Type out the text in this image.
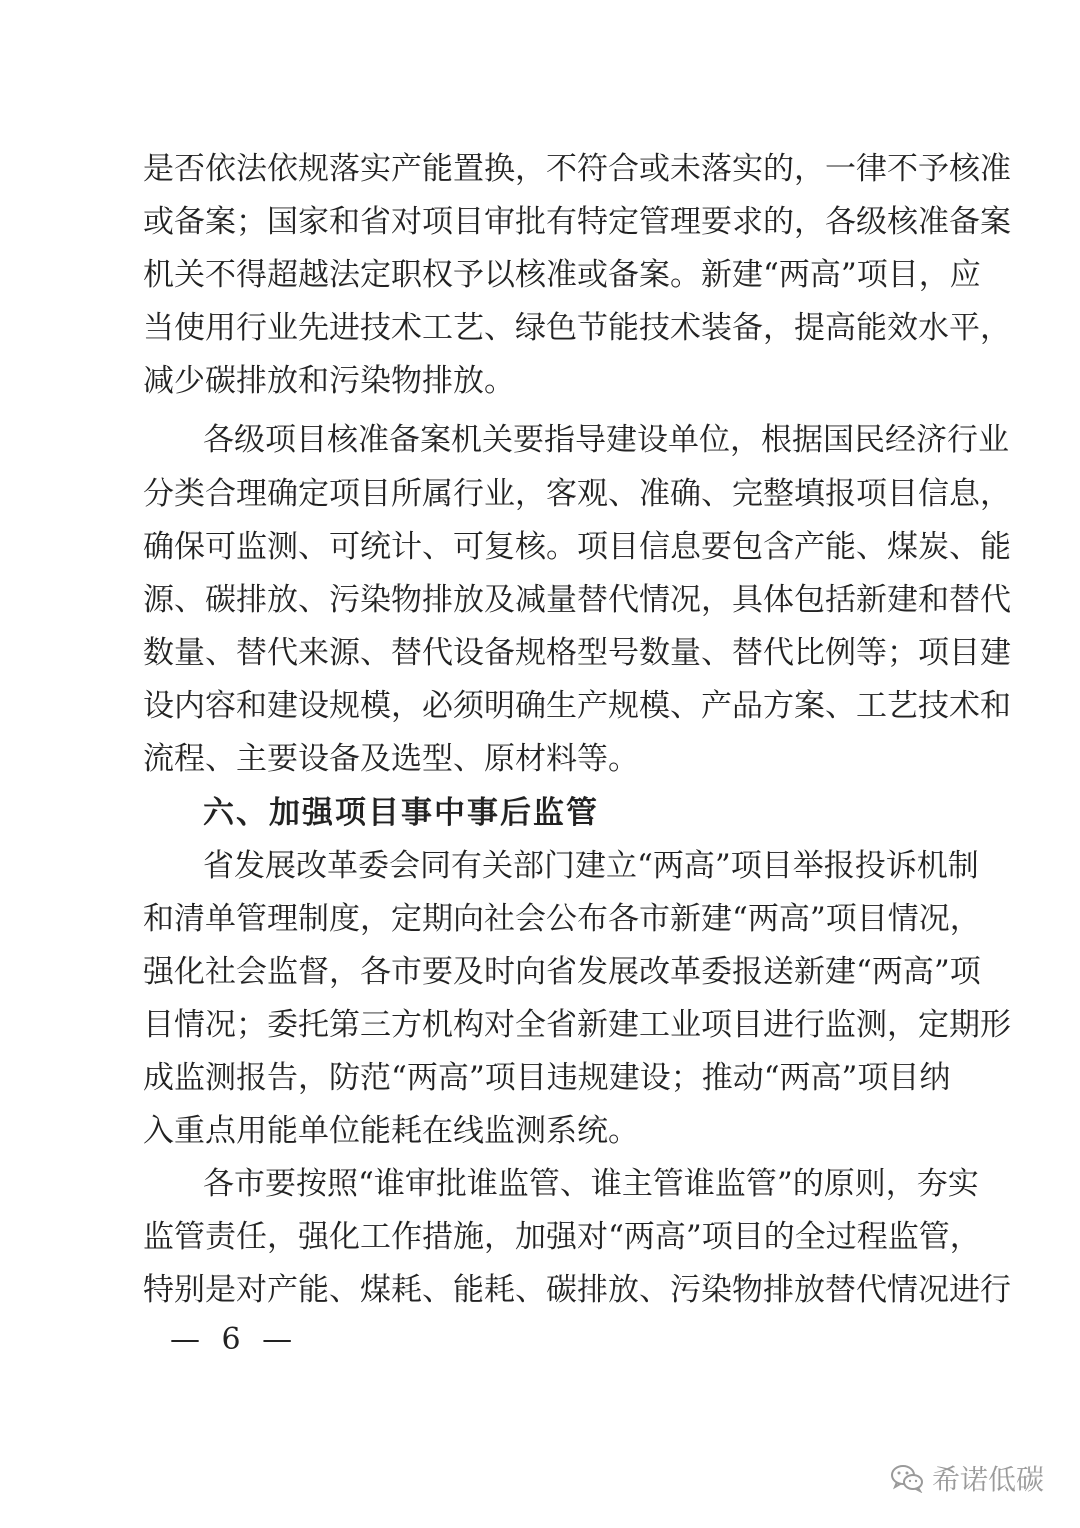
是否依法依规落实产能置换，不符合或未落实的，一律不予核准
或备案；国家和省对项目审批有特定管理要求的，各级核准备案
机关不得超越法定职权予以核准或备案。新建“两高”项目，应
当使用行业先进技术工艺、绿色节能技术装备，提高能效水平，
减少碳排放和污染物排放。
各级项目核准备案机关要指导建设单位，根据国民经济行业
分类合理确定项目所属行业，客观、准确、完整填报项目信息，
确保可监测、可统计、可复核。项目信息要包含产能、煤炭、能
源、碳排放、污染物排放及减量替代情况，具体包括新建和替代
数量、替代来源、替代设备规格型号数量、替代比例等；项目建
设内容和建设规模，必须明确生产规模、产品方案、工艺技术和
流程、主要设备及选型、原材料等。
六、加强项目事中事后监管
省发展改革委会同有关部门建立“两高”项目举报投诉机制
和清单管理制度，定期向社会公布各市新建“两高”项目情况，
强化社会监督，各市要及时向省发展改革委报送新建“两高”项
目情况；委托第三方机构对全省新建工业项目进行监测，定期形
成监测报告，防范“两高”项目违规建设；推动“两高”项目纳
入重点用能单位能耗在线监测系统。
各市要按照“谁审批谁监管、谁主管谁监管”的原则，夯实
监管责任，强化工作措施，加强对“两高”项目的全过程监管，
特别是对产能、煤耗、能耗、碳排放、污染物排放替代情况进行
— 6 —
希诺低碳
